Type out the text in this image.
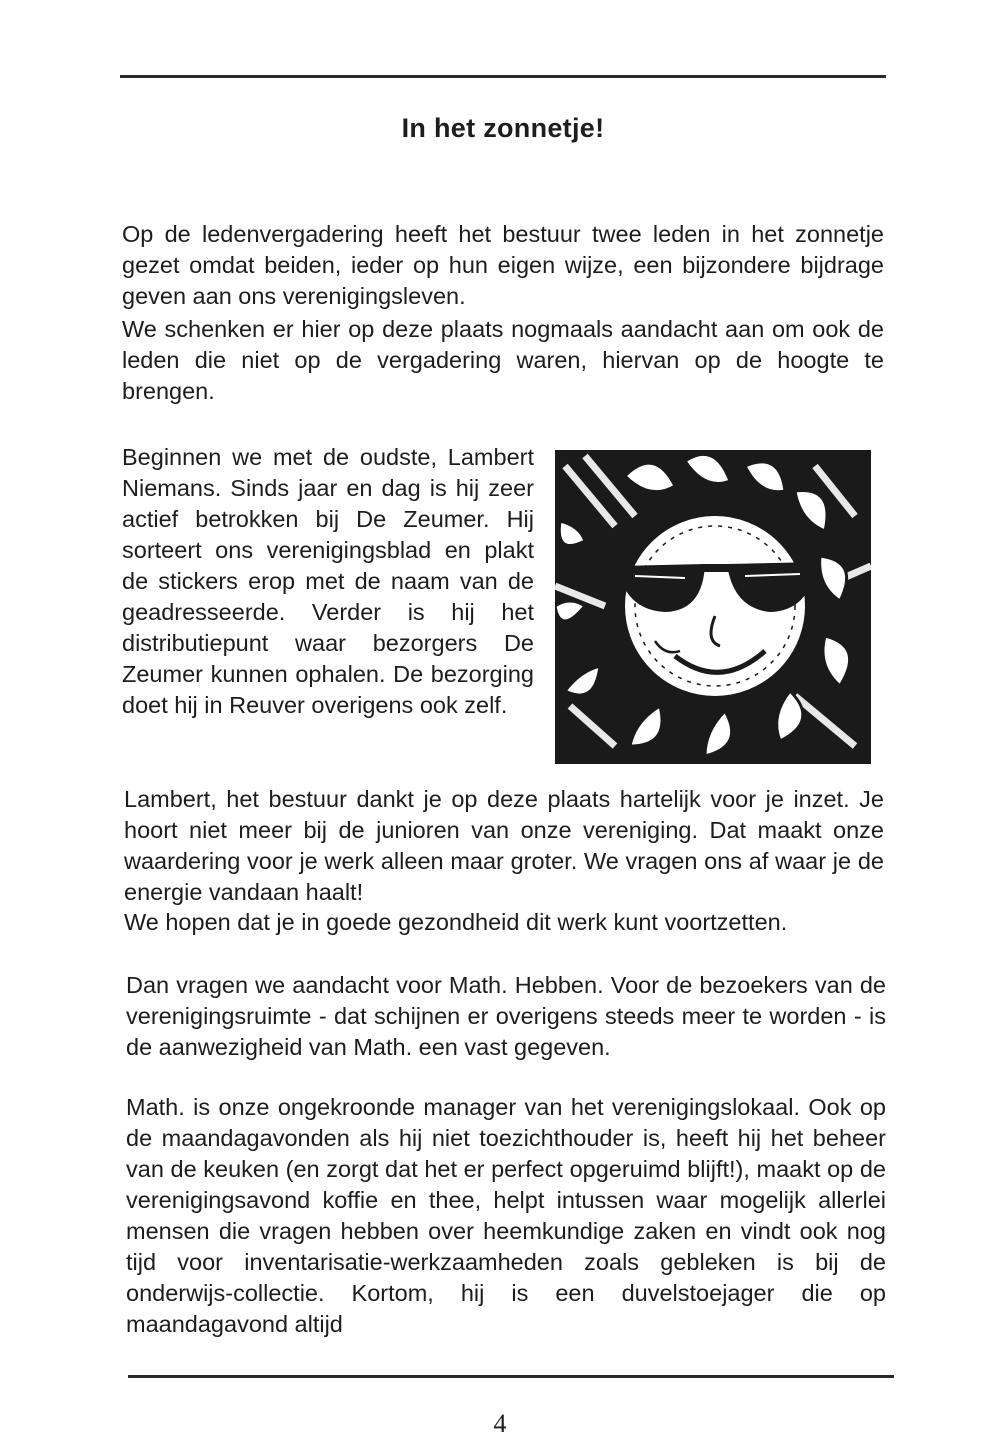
In het zonnetje!

Op de ledenvergadering heeft het bestuur twee leden in het zonnetje gezet omdat beiden, ieder op hun eigen wijze, een bijzondere bijdrage geven aan ons verenigingsleven.

We schenken er hier op deze plaats nogmaals aandacht aan om ook de leden die niet op de vergadering waren, hiervan op de hoogte te brengen.

Beginnen we met de oudste, Lambert Niemans. Sinds jaar en dag is hij zeer actief betrokken bij De Zeumer. Hij sorteert ons verenigingsblad en plakt de stickers erop met de naam van de geadresseerde. Verder is hij het distributiepunt waar bezorgers De Zeumer kunnen ophalen. De bezorging doet hij in Reuver overigens ook zelf.

Lambert, het bestuur dankt je op deze plaats hartelijk voor je inzet. Je hoort niet meer bij de junioren van onze vereniging. Dat maakt onze waardering voor je werk alleen maar groter. We vragen ons af waar je de energie vandaan haalt!

We hopen dat je in goede gezondheid dit werk kunt voortzetten.

Dan vragen we aandacht voor Math. Hebben. Voor de bezoekers van de verenigingsruimte - dat schijnen er overigens steeds meer te worden - is de aanwezigheid van Math. een vast gegeven.

Math. is onze ongekroonde manager van het verenigingslokaal. Ook op de maandagavonden als hij niet toezichthouder is, heeft hij het beheer van de keuken (en zorgt dat het er perfect opgeruimd blijft!), maakt op de verenigingsavond koffie en thee, helpt intussen waar mogelijk allerlei mensen die vragen hebben over heemkundige zaken en vindt ook nog tijd voor inventarisatie-werkzaamheden zoals gebleken is bij de onderwijs-collectie. Kortom, hij is een duvelstoejager die op maandagavond altijd

4
